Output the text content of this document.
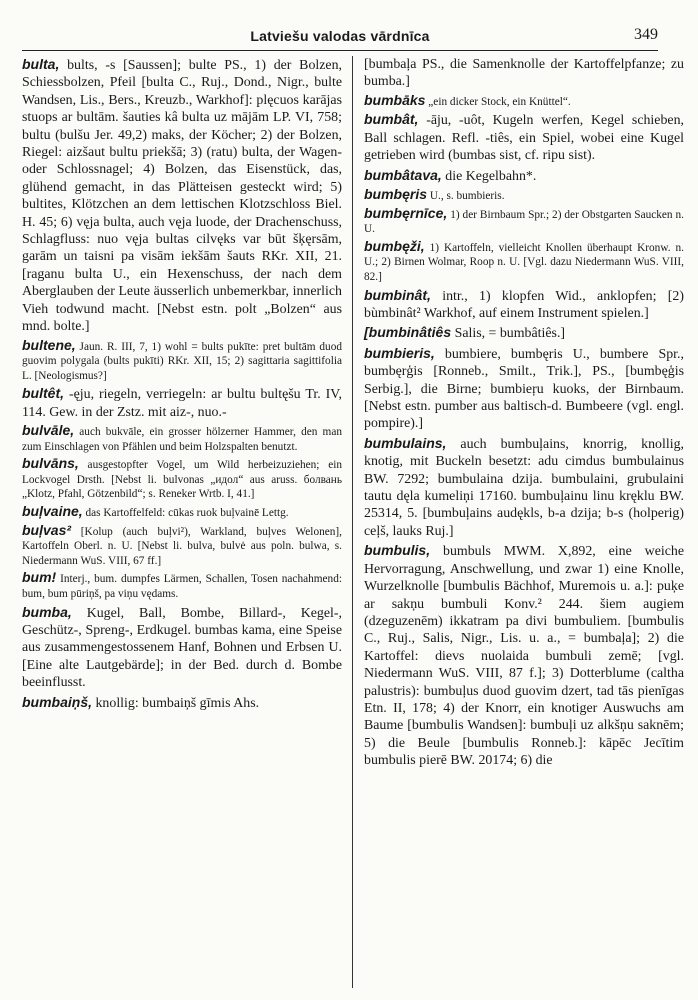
Latviešu valodas vārdnīca	349

bulta, bults, -s [Saussen]; bulte PS., 1) der Bolzen, Schiessbolzen, Pfeil [bulta C., Ruj., Dond., Nigr., bulte Wandsen, Lis., Bers., Kreuzb., Warkhof]: plęcuos karājas stuops ar bultām. šauties kâ bulta uz mājām LP. VI, 758; bultu (bulšu Jer. 49,2) maks, der Köcher; 2) der Bolzen, Riegel: aizšaut bultu priekšā; 3) (ratu) bulta, der Wagen- oder Schlossnagel; 4) Bolzen, das Eisenstück, das, glühend gemacht, in das Plätteisen gesteckt wird; 5) bultites, Klötzchen an dem lettischen Klotzschloss Biel. H. 45; 6) vęja bulta, auch vęja luode, der Drachenschuss, Schlagfluss: nuo vęja bultas cilvęks var būt šķęrsām, garām un taisni pa visām iekšām šauts RKr. XII, 21. [raganu bulta U., ein Hexenschuss, der nach dem Aberglauben der Leute äusserlich unbemerkbar, innerlich Vieh todwund macht. [Nebst estn. polt „Bolzen“ aus mnd. bolte.]

bultene, Jaun. R. III, 7, 1) wohl = bults pukīte: pret bultām duod guovim polygala (bults pukīti) RKr. XII, 15; 2) sagittaria sagittifolia L. [Neologismus?]

bultêt, -ęju, riegeln, verriegeln: ar bultu bultęšu Tr. IV, 114. Gew. in der Zstz. mit aiz-, nuo.-

bulvāle, auch bukvāle, ein grosser hölzerner Hammer, den man zum Einschlagen von Pfählen und beim Holzspalten benutzt.

bulvāns, ausgestopfter Vogel, um Wild herbeizuziehen; ein Lockvogel Drsth. [Nebst li. bulvonas „идол“ aus aruss. болвань „Klotz, Pfahl, Götzenbild“; s. Reneker Wrtb. I, 41.]

buļvaine, das Kartoffelfeld: cūkas ruok buļvainē Lettg.

buļvas² [Kolup (auch buļvi²), Warkland, buļves Welonen], Kartoffeln Oberl. n. U. [Nebst li. bulva, bulvė aus poln. bulwa, s. Niedermann WuS. VIII, 67 ff.]

bum! Interj., bum. dumpfes Lärmen, Schallen, Tosen nachahmend: bum, bum pūriņš, pa viņu vędams.

bumba, Kugel, Ball, Bombe, Billard-, Kegel-, Geschütz-, Spreng-, Erdkugel. bumbas kama, eine Speise aus zusammengestossenem Hanf, Bohnen und Erbsen U. [Eine alte Lautgebärde]; in der Bed. durch d. Bombe beeinflusst.

bumbaiņš, knollig: bumbaiņš gīmis Ahs.

[bumbaļa PS., die Samenknolle der Kartoffelpfanze; zu bumba.]

bumbāks „ein dicker Stock, ein Knüttel“.

bumbât, -āju, -uôt, Kugeln werfen, Kegel schieben, Ball schlagen. Refl. -tiês, ein Spiel, wobei eine Kugel getrieben wird (bumbas sist, cf. ripu sist).

bumbâtava, die Kegelbahn*.

bumbęris U., s. bumbieris.

bumbęrnīce, 1) der Birnbaum Spr.; 2) der Obstgarten Saucken n. U.

bumbęži, 1) Kartoffeln, vielleicht Knollen überhaupt Kronw. n. U.; 2) Birnen Wolmar, Roop n. U. [Vgl. dazu Niedermann WuS. VIII, 82.]

bumbinât, intr., 1) klopfen Wid., anklopfen; [2) bùmbinât² Warkhof, auf einem Instrument spielen.]

[bumbinâtiês Salis, = bumbâtiês.]

bumbieris, bumbiere, bumbęris U., bumbere Spr., bumbęrģis [Ronneb., Smilt., Trik.], PS., [bumbęģis Serbig.], die Birne; bumbieŗu kuoks, der Birnbaum. [Nebst estn. pumber aus baltisch-d. Bumbeere (vgl. engl. pompire).]

bumbulains, auch bumbuļains, knorrig, knollig, knotig, mit Buckeln besetzt: adu cimdus bumbulainus BW. 7292; bumbulaina dzija. bumbulaini, grubulaini tautu dęla kumeliņi 17160. bumbuļainu linu kręklu BW. 25314, 5. [bumbuļains audękls, b-a dzija; b-s (holperig) ceļš, lauks Ruj.]

bumbulis, bumbuls MWM. X,892, eine weiche Hervorragung, Anschwellung, und zwar 1) eine Knolle, Wurzelknolle [bumbulis Bächhof, Muremois u. a.]: puķe ar sakņu bumbuli Konv.² 244. šiem augiem (dzeguzenēm) ikkatram pa divi bumbuliem. [bumbulis C., Ruj., Salis, Nigr., Lis. u. a., = bumbaļa]; 2) die Kartoffel: dievs nuolaida bumbuli zemē; [vgl. Niedermann WuS. VIII, 87 f.]; 3) Dotterblume (caltha palustris): bumbuļus duod guovim dzert, tad tās pienīgas Etn. II, 178; 4) der Knorr, ein knotiger Auswuchs am Baume [bumbulis Wandsen]: bumbuļi uz alkšņu saknēm; 5) die Beule [bumbulis Ronneb.]: kāpēc Jecītim bumbulis pierē BW. 20174; 6) die
